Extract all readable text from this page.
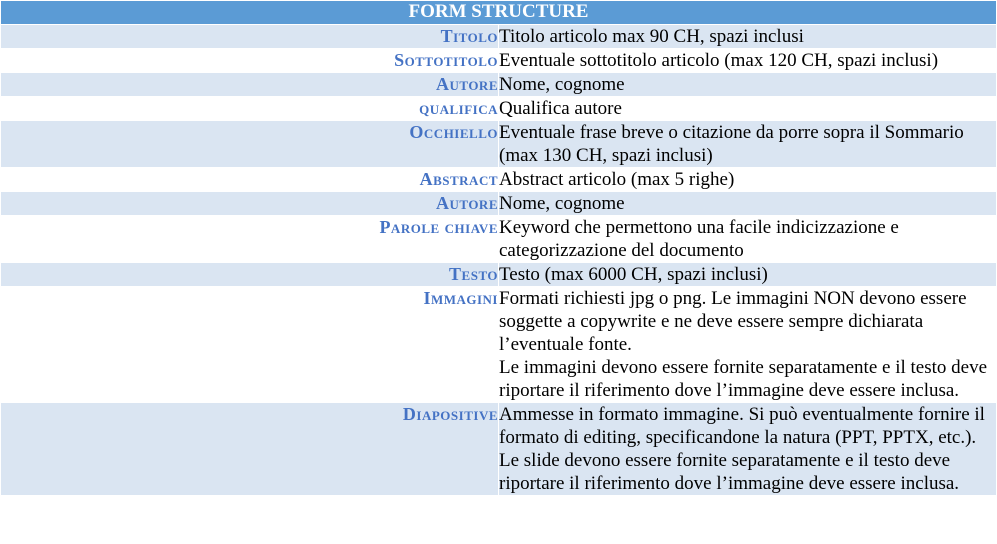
FORM STRUCTURE	
Titolo	Titolo articolo max 90 CH, spazi inclusi

Sottotitolo	Eventuale sottotitolo articolo (max 120 CH, spazi inclusi)

Autore	Nome, cognome

qualifica	Qualifica autore

Occhiello	Eventuale frase breve o citazione da porre sopra il Sommario (max 130 CH, spazi inclusi)

Abstract	Abstract articolo (max 5 righe)

Autore	Nome, cognome

Parole chiave	Keyword che permettono una facile indicizzazione e categorizzazione del documento

Testo	Testo (max 6000 CH, spazi inclusi)

Immagini	Formati richiesti jpg o png. Le immagini NON devono essere soggette a copywrite e ne deve essere sempre dichiarata l’eventuale fonte.
Le immagini devono essere fornite separatamente e il testo deve riportare il riferimento dove l’immagine deve essere inclusa.

Diapositive	Ammesse in formato immagine. Si può eventualmente fornire il formato di editing, specificandone la natura (PPT, PPTX, etc.).
Le slide devono essere fornite separatamente e il testo deve riportare il riferimento dove l’immagine deve essere inclusa.
